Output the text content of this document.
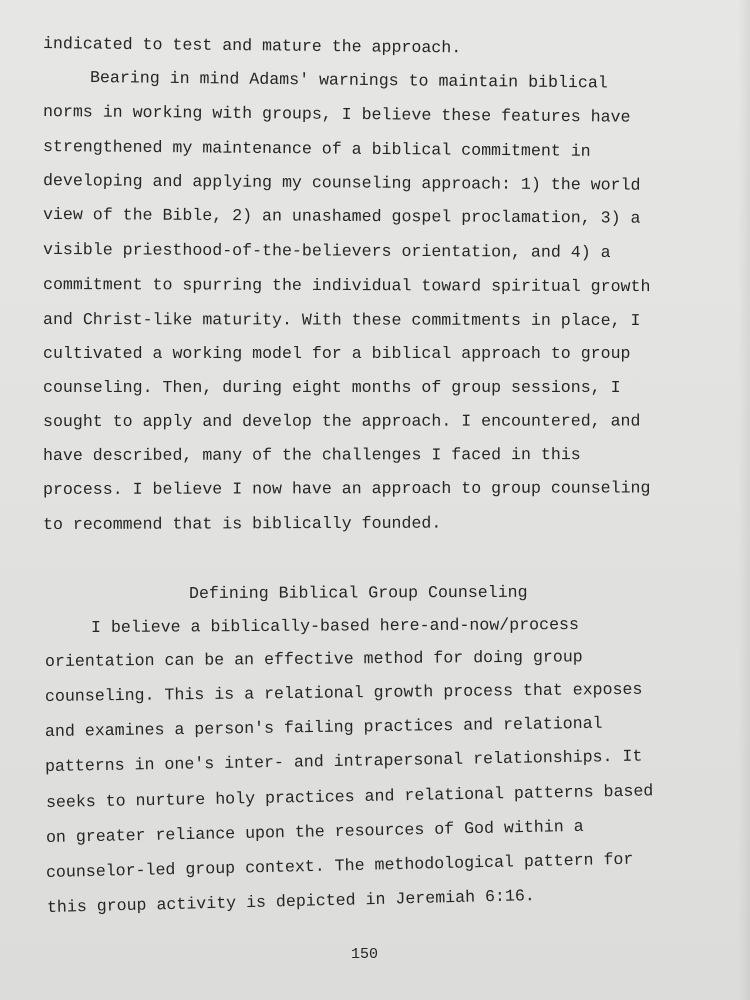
indicated to test and mature the approach.
Bearing in mind Adams' warnings to maintain biblical
norms in working with groups, I believe these features have
strengthened my maintenance of a biblical commitment in
developing and applying my counseling approach: 1) the world
view of the Bible, 2) an unashamed gospel proclamation, 3) a
visible priesthood-of-the-believers orientation, and 4) a
commitment to spurring the individual toward spiritual growth
and Christ-like maturity. With these commitments in place, I
cultivated a working model for a biblical approach to group
counseling. Then, during eight months of group sessions, I
sought to apply and develop the approach. I encountered, and
have described, many of the challenges I faced in this
process. I believe I now have an approach to group counseling
to recommend that is biblically founded.
Defining Biblical Group Counseling
I believe a biblically-based here-and-now/process
orientation can be an effective method for doing group
counseling. This is a relational growth process that exposes
and examines a person's failing practices and relational
patterns in one's inter- and intrapersonal relationships. It
seeks to nurture holy practices and relational patterns based
on greater reliance upon the resources of God within a
counselor-led group context. The methodological pattern for
this group activity is depicted in Jeremiah 6:16.
150
